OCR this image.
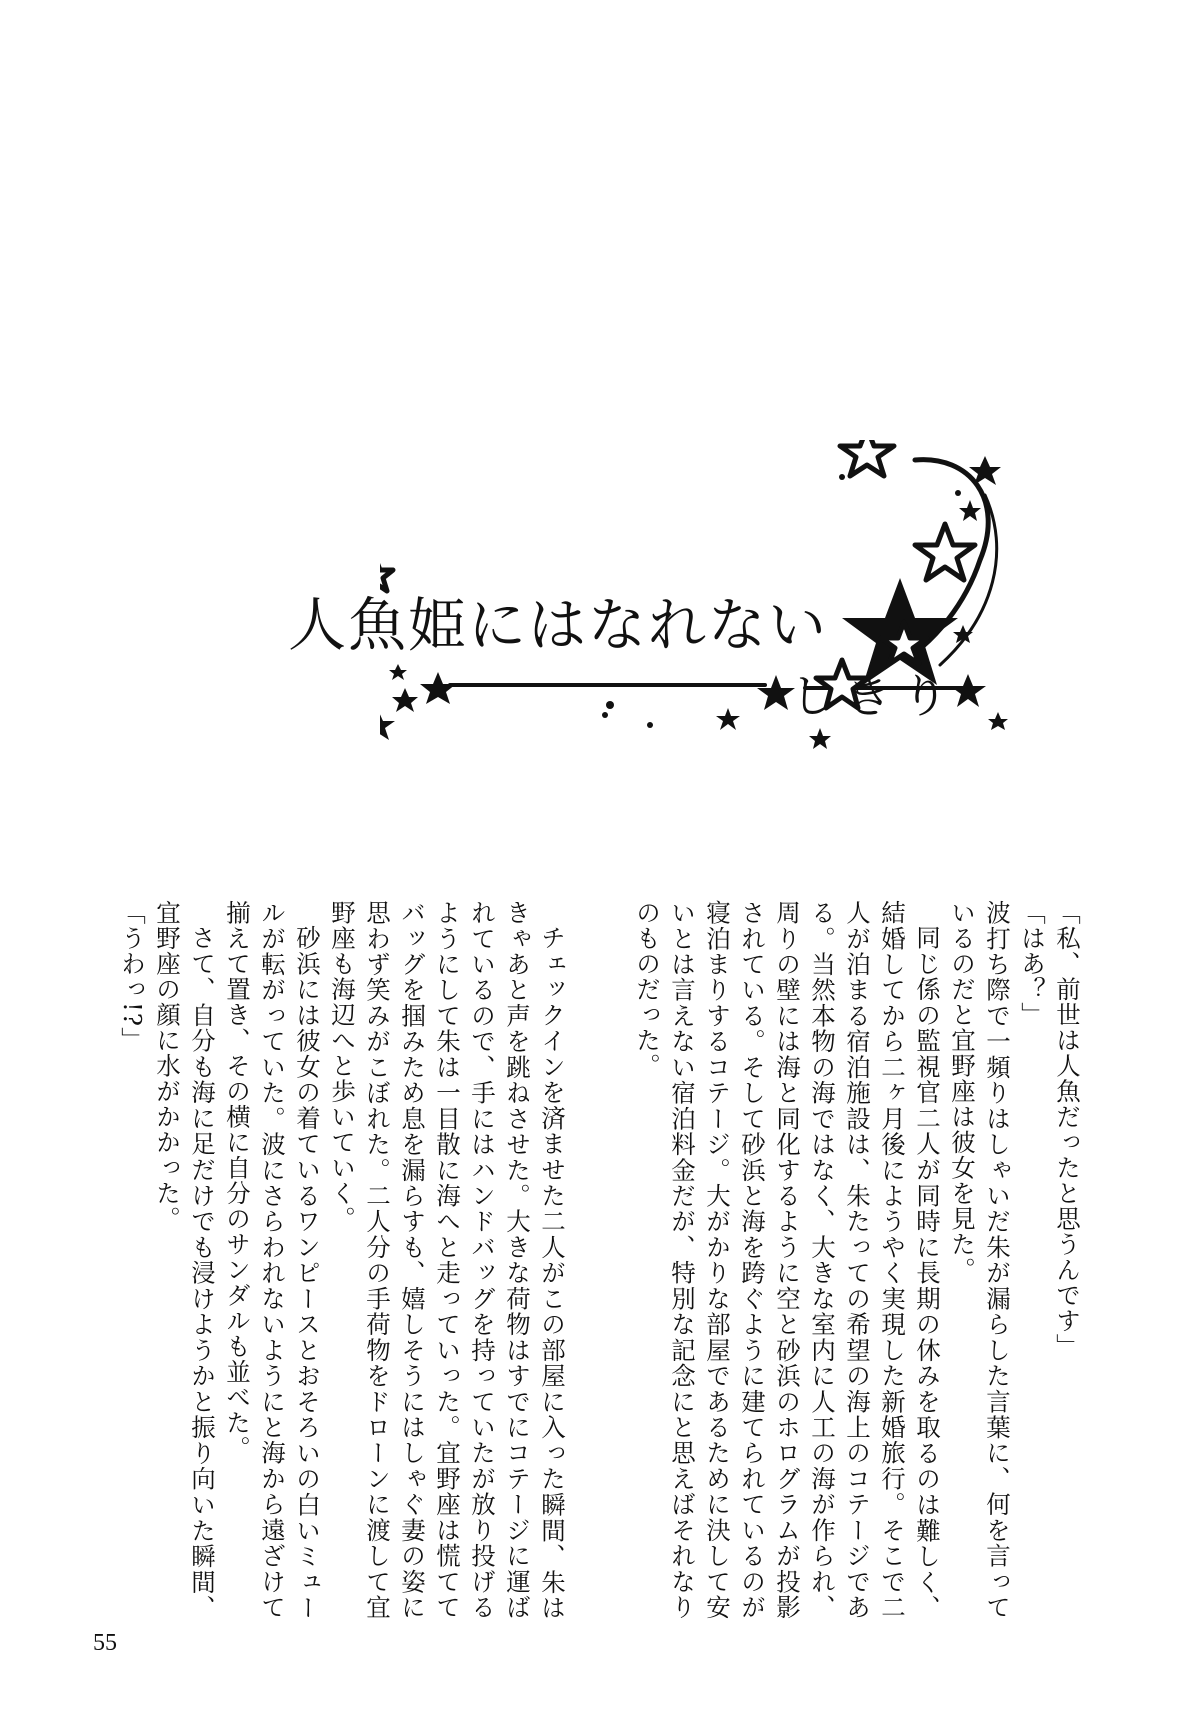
人魚姫にはなれない
しきり

「私、前世は人魚だったと思うんです」

「はあ？」

波打ち際で一頻りはしゃいだ朱が漏らした言葉に、何を言っているのだと宜野座は彼女を見た。

同じ係の監視官二人が同時に長期の休みを取るのは難しく、結婚してから二ヶ月後にようやく実現した新婚旅行。そこで二人が泊まる宿泊施設は、朱たっての希望の海上のコテージである。当然本物の海ではなく、大きな室内に人工の海が作られ、周りの壁には海と同化するように空と砂浜のホログラムが投影されている。そして砂浜と海を跨ぐように建てられているのが寝泊まりするコテージ。大がかりな部屋であるために決して安いとは言えない宿泊料金だが、特別な記念にと思えばそれなりのものだった。

チェックインを済ませた二人がこの部屋に入った瞬間、朱はきゃあと声を跳ねさせた。大きな荷物はすでにコテージに運ばれているので、手にはハンドバッグを持っていたが放り投げるようにして朱は一目散に海へと走っていった。宜野座は慌ててバッグを掴みため息を漏らすも、嬉しそうにはしゃぐ妻の姿に思わず笑みがこぼれた。二人分の手荷物をドローンに渡して宜野座も海辺へと歩いていく。

砂浜には彼女の着ているワンピースとおそろいの白いミュールが転がっていた。波にさらわれないようにと海から遠ざけて揃えて置き、その横に自分のサンダルも並べた。

さて、自分も海に足だけでも浸けようかと振り向いた瞬間、宜野座の顔に水がかかった。

「うわっ!?」

55
